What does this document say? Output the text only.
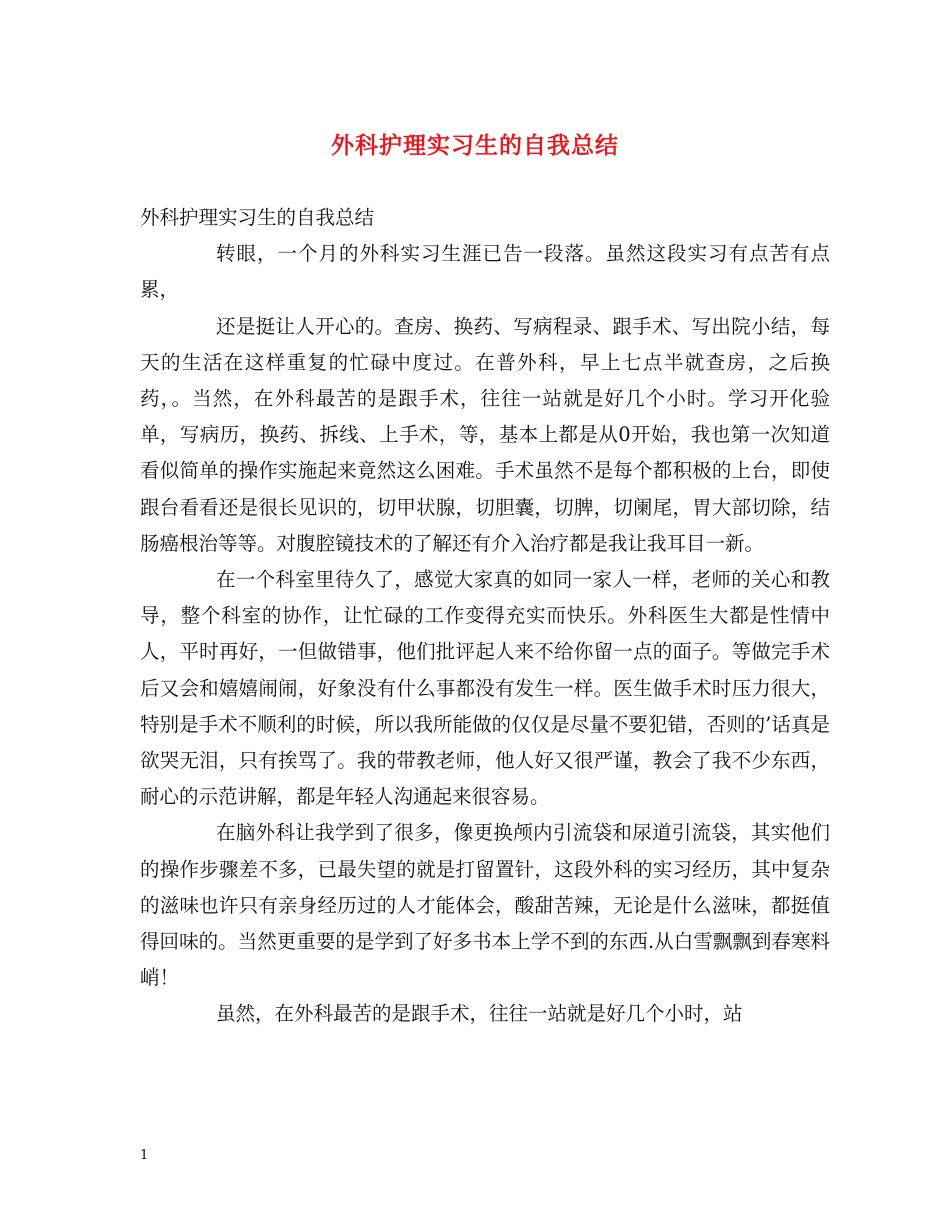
外科护理实习生的自我总结

外科护理实习生的自我总结

转眼，一个月的外科实习生涯已告一段落。虽然这段实习有点苦有点累，

还是挺让人开心的。查房、换药、写病程录、跟手术、写出院小结，每天的生活在这样重复的忙碌中度过。在普外科，早上七点半就查房，之后换药，。当然，在外科最苦的是跟手术，往往一站就是好几个小时。学习开化验单，写病历，换药、拆线、上手术，等，基本上都是从0开始，我也第一次知道看似简单的操作实施起来竟然这么困难。手术虽然不是每个都积极的上台，即使跟台看看还是很长见识的，切甲状腺，切胆囊，切脾，切阑尾，胃大部切除，结肠癌根治等等。对腹腔镜技术的了解还有介入治疗都是我让我耳目一新。

在一个科室里待久了，感觉大家真的如同一家人一样，老师的关心和教导，整个科室的协作，让忙碌的工作变得充实而快乐。外科医生大都是性情中人，平时再好，一但做错事，他们批评起人来不给你留一点的面子。等做完手术后又会和嬉嬉闹闹，好象没有什么事都没有发生一样。医生做手术时压力很大，特别是手术不顺利的时候，所以我所能做的仅仅是尽量不要犯错，否则的’话真是欲哭无泪，只有挨骂了。我的带教老师，他人好又很严谨，教会了我不少东西，耐心的示范讲解，都是年轻人沟通起来很容易。

在脑外科让我学到了很多，像更换颅内引流袋和尿道引流袋，其实他们的操作步骤差不多，已最失望的就是打留置针，这段外科的实习经历，其中复杂的滋味也许只有亲身经历过的人才能体会，酸甜苦辣，无论是什么滋味，都挺值得回味的。当然更重要的是学到了好多书本上学不到的东西.从白雪飘飘到春寒料峭！

虽然，在外科最苦的是跟手术，往往一站就是好几个小时，站

1
